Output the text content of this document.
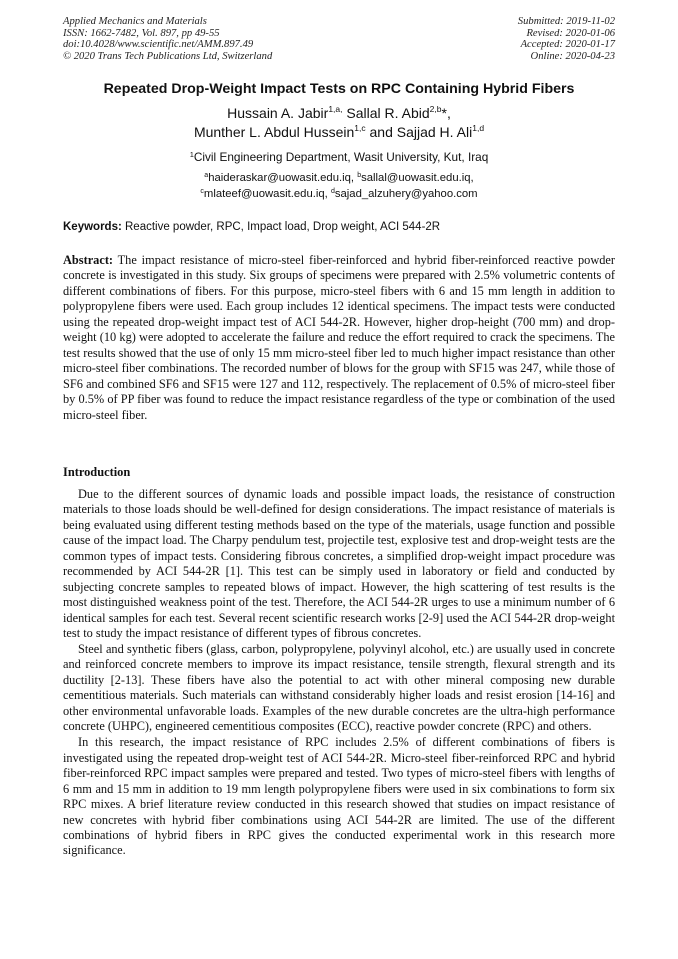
Applied Mechanics and Materials
ISSN: 1662-7482, Vol. 897, pp 49-55
doi:10.4028/www.scientific.net/AMM.897.49
© 2020 Trans Tech Publications Ltd, Switzerland
Submitted: 2019-11-02
Revised: 2020-01-06
Accepted: 2020-01-17
Online: 2020-04-23
Repeated Drop-Weight Impact Tests on RPC Containing Hybrid Fibers
Hussain A. Jabir$^{1,a,}$ Sallal R. Abid$^{2,b}$*,
Munther L. Abdul Hussein$^{1,c}$ and Sajjad H. Ali$^{1,d}$
$^1$Civil Engineering Department, Wasit University, Kut, Iraq
$^a$haideraskar@uowasit.edu.iq, $^b$sallal@uowasit.edu.iq,
$^c$mlateef@uowasit.edu.iq, $^d$sajad_alzuhery@yahoo.com
Keywords: Reactive powder, RPC, Impact load, Drop weight, ACI 544-2R
Abstract: The impact resistance of micro-steel fiber-reinforced and hybrid fiber-reinforced reactive powder concrete is investigated in this study. Six groups of specimens were prepared with 2.5% volumetric contents of different combinations of fibers. For this purpose, micro-steel fibers with 6 and 15 mm length in addition to polypropylene fibers were used. Each group includes 12 identical specimens. The impact tests were conducted using the repeated drop-weight impact test of ACI 544-2R. However, higher drop-height (700 mm) and drop-weight (10 kg) were adopted to accelerate the failure and reduce the effort required to crack the specimens. The test results showed that the use of only 15 mm micro-steel fiber led to much higher impact resistance than other micro-steel fiber combinations. The recorded number of blows for the group with SF15 was 247, while those of SF6 and combined SF6 and SF15 were 127 and 112, respectively. The replacement of 0.5% of micro-steel fiber by 0.5% of PP fiber was found to reduce the impact resistance regardless of the type or combination of the used micro-steel fiber.
Introduction

Due to the different sources of dynamic loads and possible impact loads, the resistance of construction materials to those loads should be well-defined for design considerations. The impact resistance of materials is being evaluated using different testing methods based on the type of the materials, usage function and possible cause of the impact load. The Charpy pendulum test, projectile test, explosive test and drop-weight tests are the common types of impact tests. Considering fibrous concretes, a simplified drop-weight impact procedure was recommended by ACI 544-2R [1]. This test can be simply used in laboratory or field and conducted by subjecting concrete samples to repeated blows of impact. However, the high scattering of test results is the most distinguished weakness point of the test. Therefore, the ACI 544-2R urges to use a minimum number of 6 identical samples for each test. Several recent scientific research works [2-9] used the ACI 544-2R drop-weight test to study the impact resistance of different types of fibrous concretes.

Steel and synthetic fibers (glass, carbon, polypropylene, polyvinyl alcohol, etc.) are usually used in concrete and reinforced concrete members to improve its impact resistance, tensile strength, flexural strength and its ductility [2-13]. These fibers have also the potential to act with other mineral composing new durable cementitious materials. Such materials can withstand considerably higher loads and resist erosion [14-16] and other environmental unfavorable loads. Examples of the new durable concretes are the ultra-high performance concrete (UHPC), engineered cementitious composites (ECC), reactive powder concrete (RPC) and others.

In this research, the impact resistance of RPC includes 2.5% of different combinations of fibers is investigated using the repeated drop-weight test of ACI 544-2R. Micro-steel fiber-reinforced RPC and hybrid fiber-reinforced RPC impact samples were prepared and tested. Two types of micro-steel fibers with lengths of 6 mm and 15 mm in addition to 19 mm length polypropylene fibers were used in six combinations to form six RPC mixes. A brief literature review conducted in this research showed that studies on impact resistance of new concretes with hybrid fiber combinations using ACI 544-2R are limited. The use of the different combinations of hybrid fibers in RPC gives the conducted experimental work in this research more significance.
